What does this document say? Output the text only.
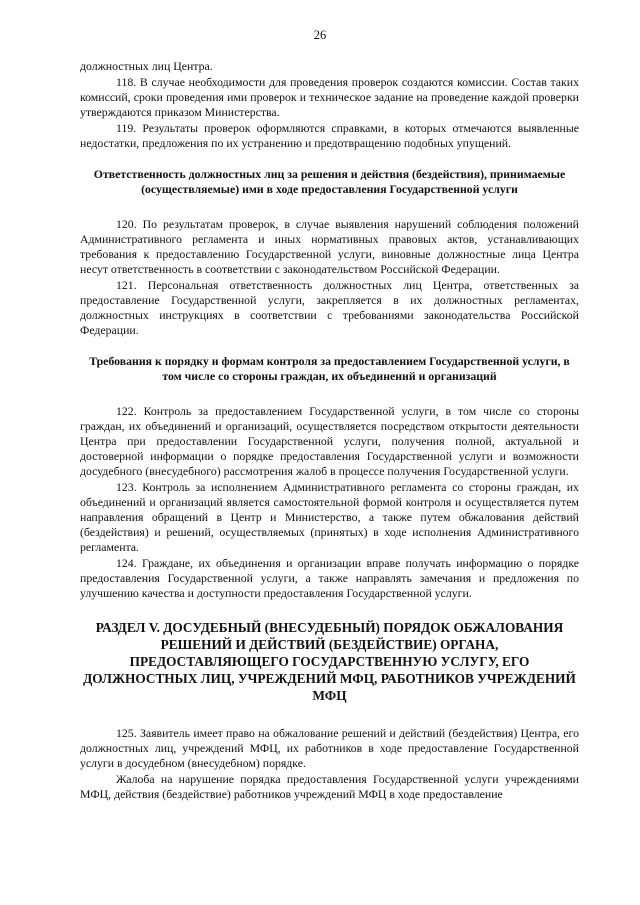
26

должностных лиц Центра.

118. В случае необходимости для проведения проверок создаются комиссии. Состав таких комиссий, сроки проведения ими проверок и техническое задание на проведение каждой проверки утверждаются приказом Министерства.

119. Результаты проверок оформляются справками, в которых отмечаются выявленные недостатки, предложения по их устранению и предотвращению подобных упущений.

Ответственность должностных лиц за решения и действия (бездействия), принимаемые (осуществляемые) ими в ходе предоставления Государственной услуги

120. По результатам проверок, в случае выявления нарушений соблюдения положений Административного регламента и иных нормативных правовых актов, устанавливающих требования к предоставлению Государственной услуги, виновные должностные лица Центра несут ответственность в соответствии с законодательством Российской Федерации.

121. Персональная ответственность должностных лиц Центра, ответственных за предоставление Государственной услуги, закрепляется в их должностных регламентах, должностных инструкциях в соответствии с требованиями законодательства Российской Федерации.

Требования к порядку и формам контроля за предоставлением Государственной услуги, в том числе со стороны граждан, их объединений и организаций

122. Контроль за предоставлением Государственной услуги, в том числе со стороны граждан, их объединений и организаций, осуществляется посредством открытости деятельности Центра при предоставлении Государственной услуги, получения полной, актуальной и достоверной информации о порядке предоставления Государственной услуги и возможности досудебного (внесудебного) рассмотрения жалоб в процессе получения Государственной услуги.

123. Контроль за исполнением Административного регламента со стороны граждан, их объединений и организаций является самостоятельной формой контроля и осуществляется путем направления обращений в Центр и Министерство, а также путем обжалования действий (бездействия) и решений, осуществляемых (принятых) в ходе исполнения Административного регламента.

124. Граждане, их объединения и организации вправе получать информацию о порядке предоставления Государственной услуги, а также направлять замечания и предложения по улучшению качества и доступности предоставления Государственной услуги.

РАЗДЕЛ V. ДОСУДЕБНЫЙ (ВНЕСУДЕБНЫЙ) ПОРЯДОК ОБЖАЛОВАНИЯ РЕШЕНИЙ И ДЕЙСТВИЙ (БЕЗДЕЙСТВИЕ) ОРГАНА, ПРЕДОСТАВЛЯЮЩЕГО ГОСУДАРСТВЕННУЮ УСЛУГУ, ЕГО ДОЛЖНОСТНЫХ ЛИЦ, УЧРЕЖДЕНИЙ МФЦ, РАБОТНИКОВ УЧРЕЖДЕНИЙ МФЦ

125. Заявитель имеет право на обжалование решений и действий (бездействия) Центра, его должностных лиц, учреждений МФЦ, их работников в ходе предоставление Государственной услуги в досудебном (внесудебном) порядке.

Жалоба на нарушение порядка предоставления Государственной услуги учреждениями МФЦ, действия (бездействие) работников учреждений МФЦ в ходе предоставление
